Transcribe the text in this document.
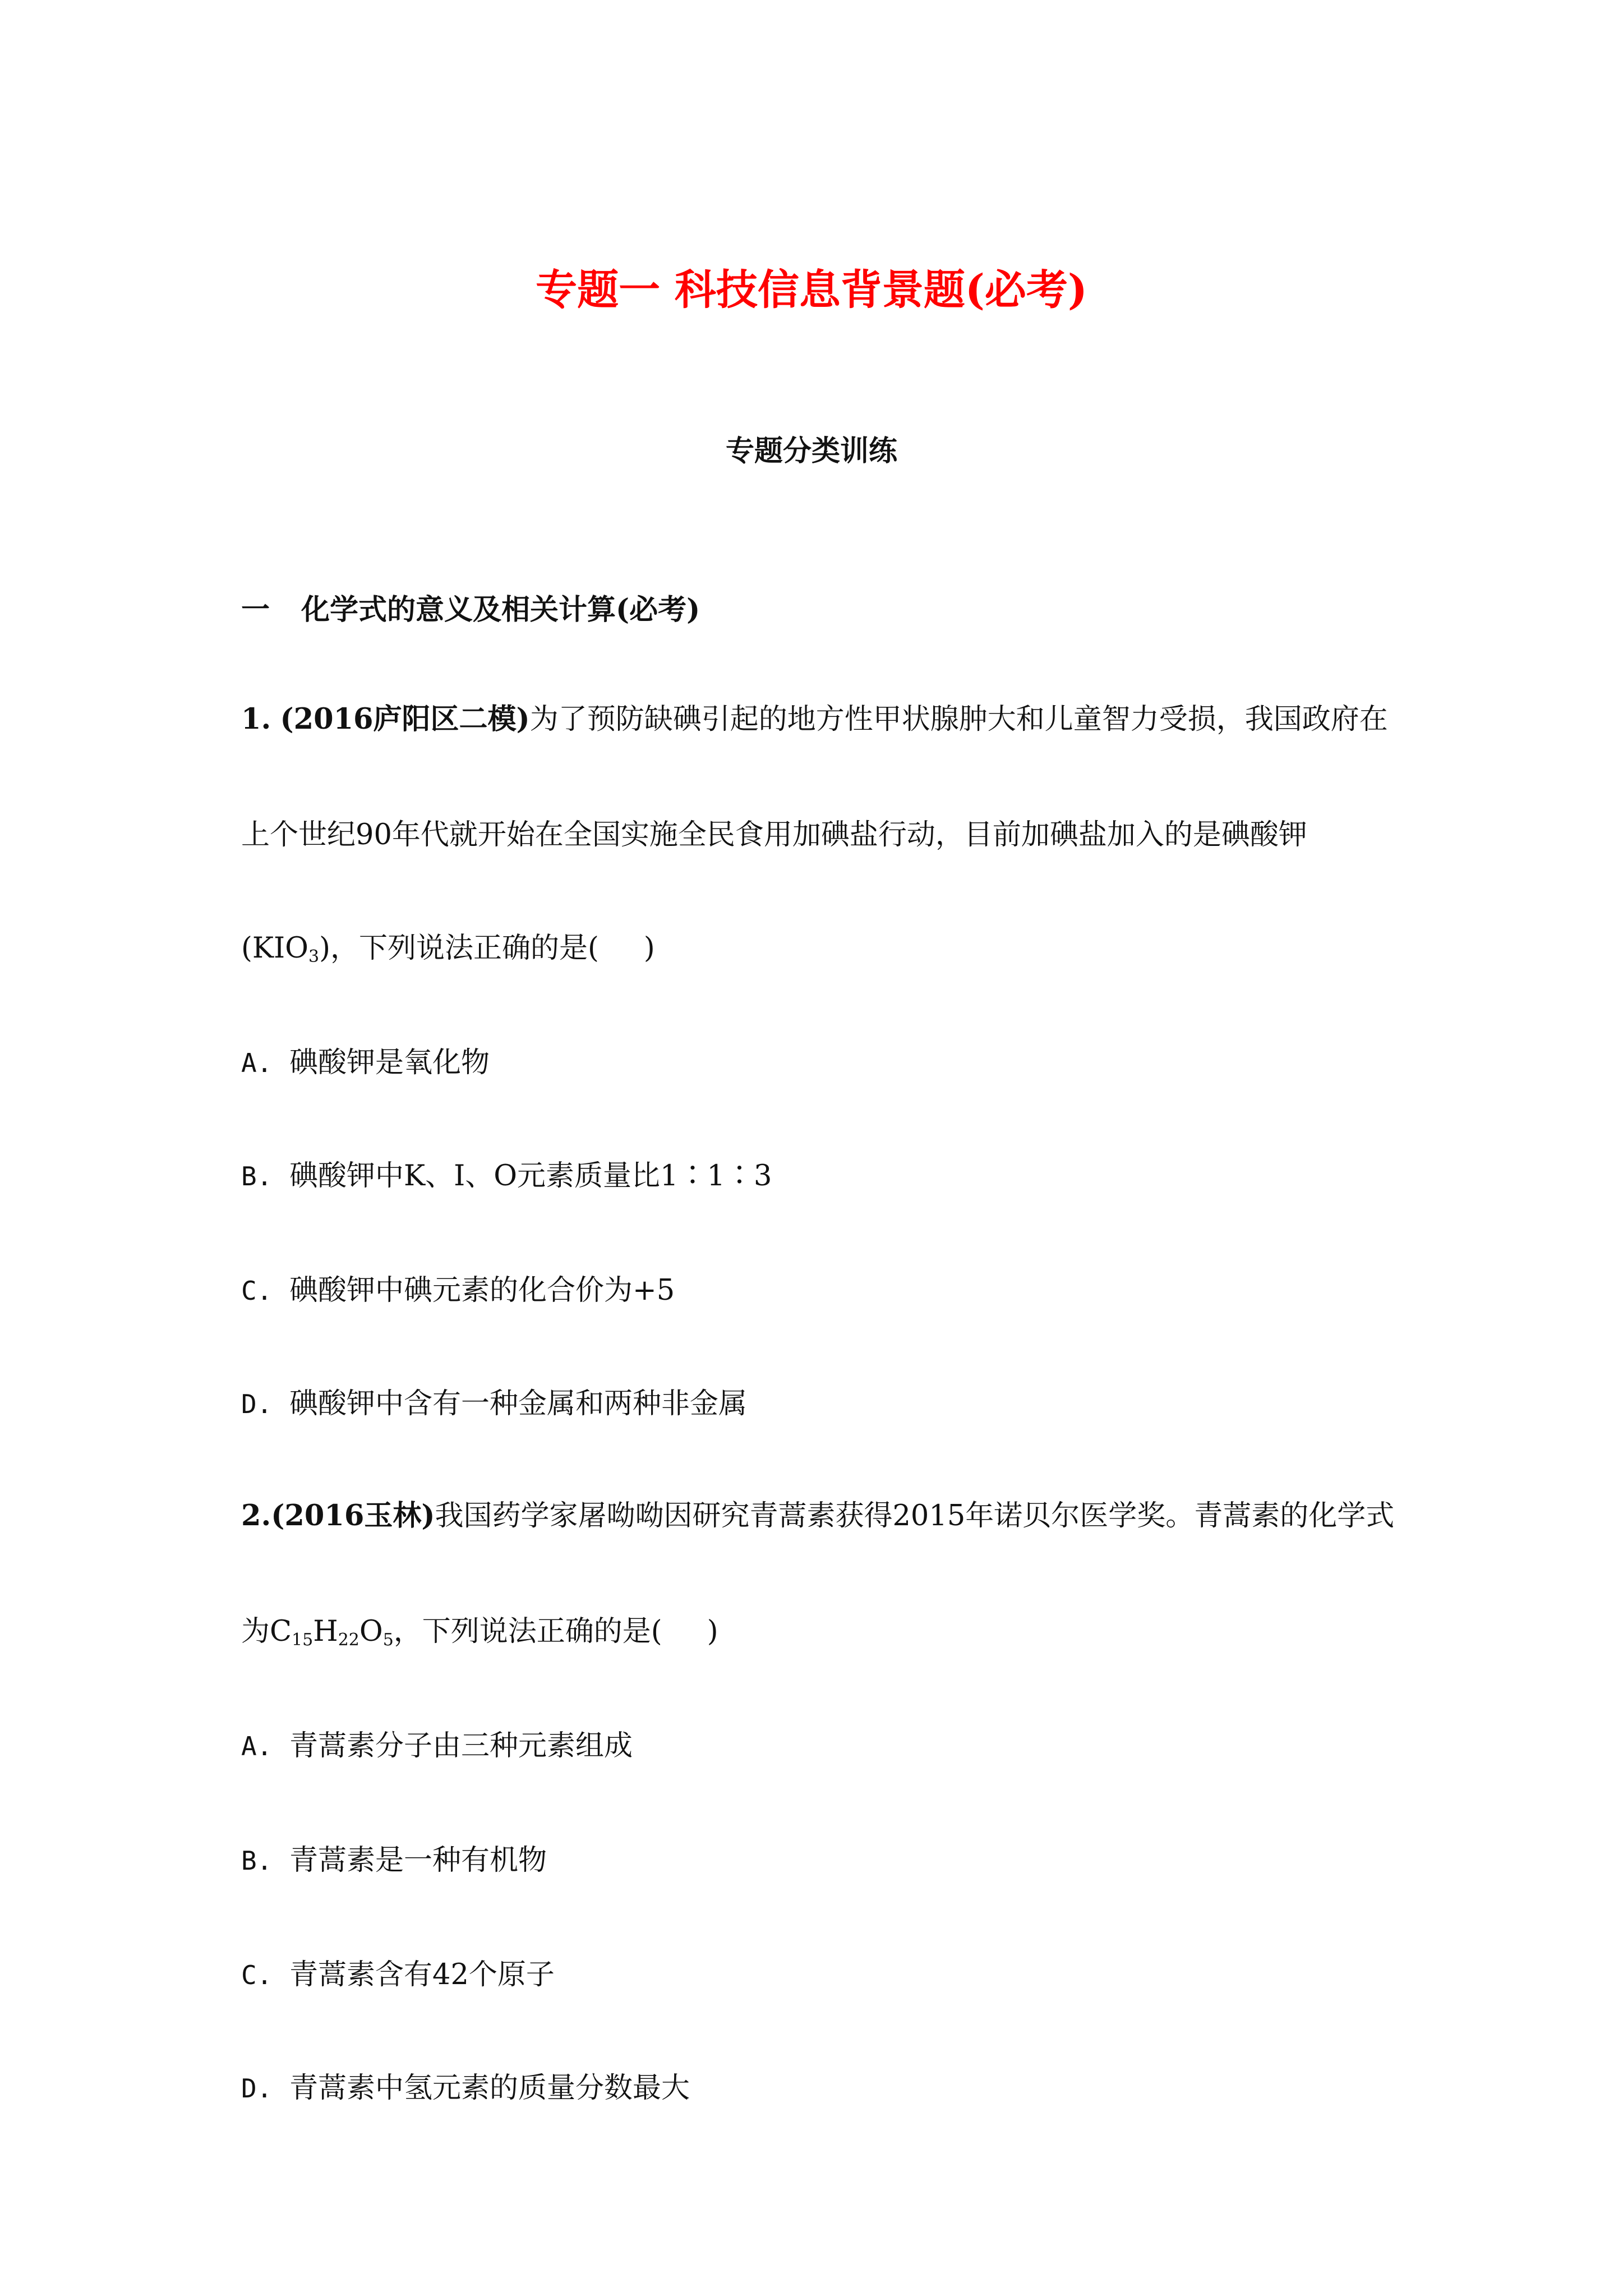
专题一 科技信息背景题(必考)
专题分类训练
一 化学式的意义及相关计算(必考)
1. (2016庐阳区二模)为了预防缺碘引起的地方性甲状腺肿大和儿童智力受损，我国政府在
上个世纪90年代就开始在全国实施全民食用加碘盐行动，目前加碘盐加入的是碘酸钾
$(KIO_3)$，下列说法正确的是( )
A. 碘酸钾是氧化物
B. 碘酸钾中K、I、O元素质量比1∶1∶3
C. 碘酸钾中碘元素的化合价为+5
D. 碘酸钾中含有一种金属和两种非金属
2.(2016玉林)我国药学家屠呦呦因研究青蒿素获得2015年诺贝尔医学奖。青蒿素的化学式
为$C_{15}H_{22}O_5$，下列说法正确的是( )
A. 青蒿素分子由三种元素组成
B. 青蒿素是一种有机物
C. 青蒿素含有42个原子
D. 青蒿素中氢元素的质量分数最大
